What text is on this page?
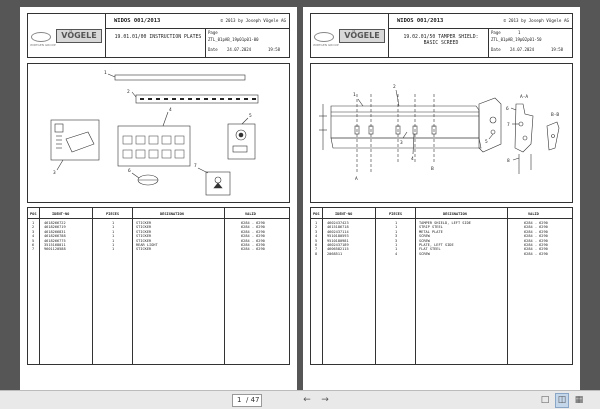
WIRTGEN GROUP
VÖGELE
WIDOS 001/2013	© 2013 by Joseph Vögele AG
19.01.01/00 INSTRUCTION PLATES
Page
ZTL_01pAB_19p01p01-00
Date 24.07.2024	19:58
1
2
3
4
5
6
7
POS	IDENT-NO	PIECES	DESIGNATION	VALID
1	4618266722	1	STICKER	6284 - 6290
2	4618266719	1	STICKER	6284 - 6290
3	4618266831	1	STICKER	6284 - 6290
4	4618266788	1	STICKER	6284 - 6290
5	4618266775	1	STICKER	6284 - 6290
6	3515168011	1	REAR LIGHT	6284 - 6290
7	9601120588	1	STICKER	6284 - 6290
WIRTGEN GROUP
VÖGELE
WIDOS 001/2013	© 2013 by Joseph Vögele AG
19.02.01/50 TAMPER SHIELD:
BASIC SCREED
Page	1
ZTL_01pAB_19p02p01-50
Date 24.07.2024	19:58
1
2
3
4
5
6
7
8
A
B
A-A
B-B
POS	IDENT-NO	PIECES	DESIGNATION	VALID
1	4602437423	1	TAMPER SHIELD, LEFT SIDE	6284 - 6290
2	4615186718	1	STRIP STEEL	6284 - 6290
3	4602437114	1	METAL PLATE	6284 - 6290
4	9510180593	3	SCREW	6284 - 6290
5	9510180981	3	SCREW	6284 - 6290
6	4602437189	1	PLATE, LEFT SIDE	6284 - 6290
7	4606582115	1	FLAT STEEL	6284 - 6290
8	2068511	4	SCREW	6284 - 6290
1 / 47	←	→	□ ◫ ▦
